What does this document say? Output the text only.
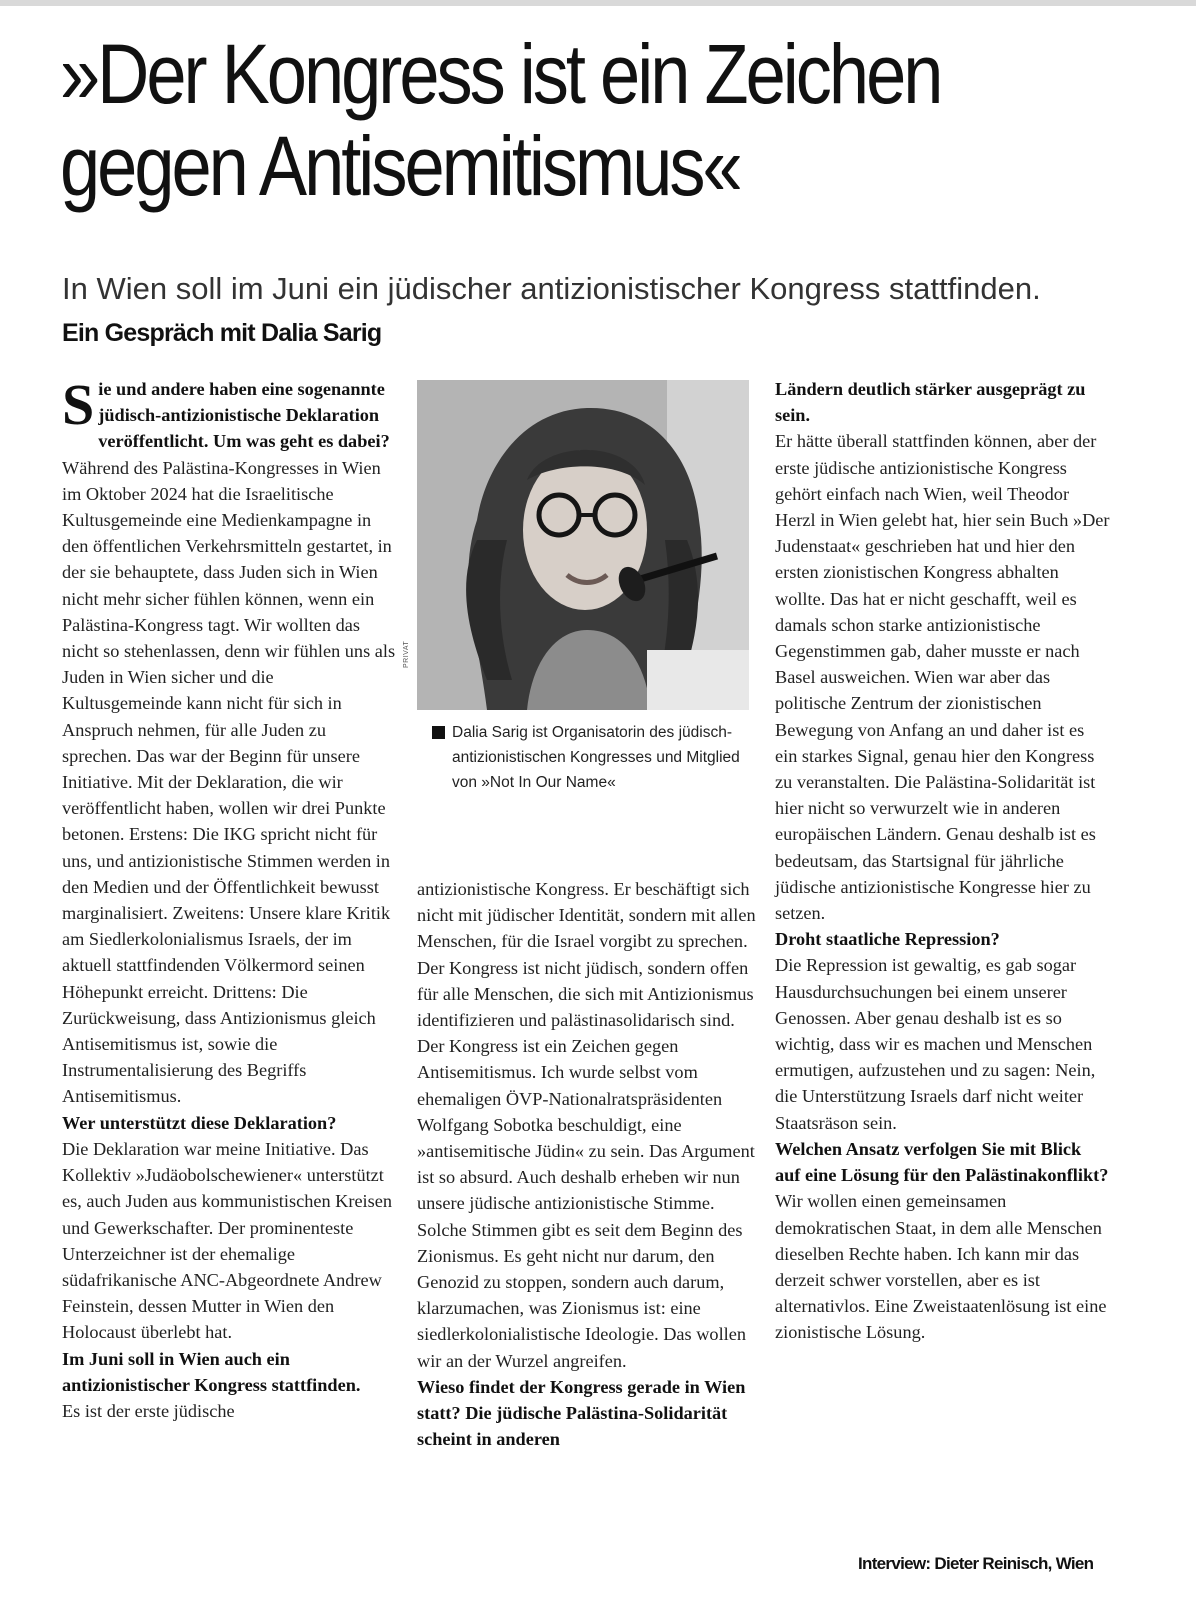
»Der Kongress ist ein Zeichen
gegen Antisemitismus«
In Wien soll im Juni ein jüdischer antizionistischer Kongress stattfinden. Ein Gespräch mit Dalia Sarig

Sie und andere haben eine sogenannte jüdisch-antizionistische Deklaration veröffentlicht. Um was geht es dabei?

Während des Palästina-Kongresses in Wien im Oktober 2024 hat die Israelitische Kultusgemeinde eine Medienkampagne in den öffentlichen Verkehrsmitteln gestartet, in der sie behauptete, dass Juden sich in Wien nicht mehr sicher fühlen können, wenn ein Palästina-Kongress tagt. Wir wollten das nicht so stehenlassen, denn wir fühlen uns als Juden in Wien sicher und die Kultusgemeinde kann nicht für sich in Anspruch nehmen, für alle Juden zu sprechen. Das war der Beginn für unsere Initiative. Mit der Deklaration, die wir veröffentlicht haben, wollen wir drei Punkte betonen. Erstens: Die IKG spricht nicht für uns, und antizionistische Stimmen werden in den Medien und der Öffentlichkeit bewusst marginalisiert. Zweitens: Unsere klare Kritik am Siedlerkolonialismus Israels, der im aktuell stattfindenden Völkermord seinen Höhepunkt erreicht. Drittens: Die Zurückweisung, dass Antizionismus gleich Antisemitismus ist, sowie die Instrumentalisierung des Begriffs Antisemitismus.

Wer unterstützt diese Deklaration?

Die Deklaration war meine Initiative. Das Kollektiv »Judäobolschewiener« unterstützt es, auch Juden aus kommunistischen Kreisen und Gewerkschafter. Der prominenteste Unterzeichner ist der ehemalige südafrikanische ANC-Abgeordnete Andrew Feinstein, dessen Mutter in Wien den Holocaust überlebt hat.

Im Juni soll in Wien auch ein antizionistischer Kongress stattfinden.

Es ist der erste jüdische

PRIVAT
Dalia Sarig ist Organisatorin des jüdisch-antizionistischen Kongresses und Mitglied von »Not In Our Name«

antizionistische Kongress. Er beschäftigt sich nicht mit jüdischer Identität, sondern mit allen Menschen, für die Israel vorgibt zu sprechen. Der Kongress ist nicht jüdisch, sondern offen für alle Menschen, die sich mit Antizionismus identifizieren und palästinasolidarisch sind. Der Kongress ist ein Zeichen gegen Antisemitismus. Ich wurde selbst vom ehemaligen ÖVP-Nationalratspräsidenten Wolfgang Sobotka beschuldigt, eine »antisemitische Jüdin« zu sein. Das Argument ist so absurd. Auch deshalb erheben wir nun unsere jüdische antizionistische Stimme. Solche Stimmen gibt es seit dem Beginn des Zionismus. Es geht nicht nur darum, den Genozid zu stoppen, sondern auch darum, klarzumachen, was Zionismus ist: eine siedlerkolonialistische Ideologie. Das wollen wir an der Wurzel angreifen.

Wieso findet der Kongress gerade in Wien statt? Die jüdische Palästina-Solidarität scheint in anderen

Ländern deutlich stärker ausgeprägt zu sein.

Er hätte überall stattfinden können, aber der erste jüdische antizionistische Kongress gehört einfach nach Wien, weil Theodor Herzl in Wien gelebt hat, hier sein Buch »Der Judenstaat« geschrieben hat und hier den ersten zionistischen Kongress abhalten wollte. Das hat er nicht geschafft, weil es damals schon starke antizionistische Gegenstimmen gab, daher musste er nach Basel ausweichen. Wien war aber das politische Zentrum der zionistischen Bewegung von Anfang an und daher ist es ein starkes Signal, genau hier den Kongress zu veranstalten. Die Palästina-Solidarität ist hier nicht so verwurzelt wie in anderen europäischen Ländern. Genau deshalb ist es bedeutsam, das Startsignal für jährliche jüdische antizionistische Kongresse hier zu setzen.

Droht staatliche Repression?

Die Repression ist gewaltig, es gab sogar Hausdurchsuchungen bei einem unserer Genossen. Aber genau deshalb ist es so wichtig, dass wir es machen und Menschen ermutigen, aufzustehen und zu sagen: Nein, die Unterstützung Israels darf nicht weiter Staatsräson sein.

Welchen Ansatz verfolgen Sie mit Blick auf eine Lösung für den Palästinakonflikt?

Wir wollen einen gemeinsamen demokratischen Staat, in dem alle Menschen dieselben Rechte haben. Ich kann mir das derzeit schwer vorstellen, aber es ist alternativlos. Eine Zweistaatenlösung ist eine zionistische Lösung.

Interview: Dieter Reinisch, Wien
